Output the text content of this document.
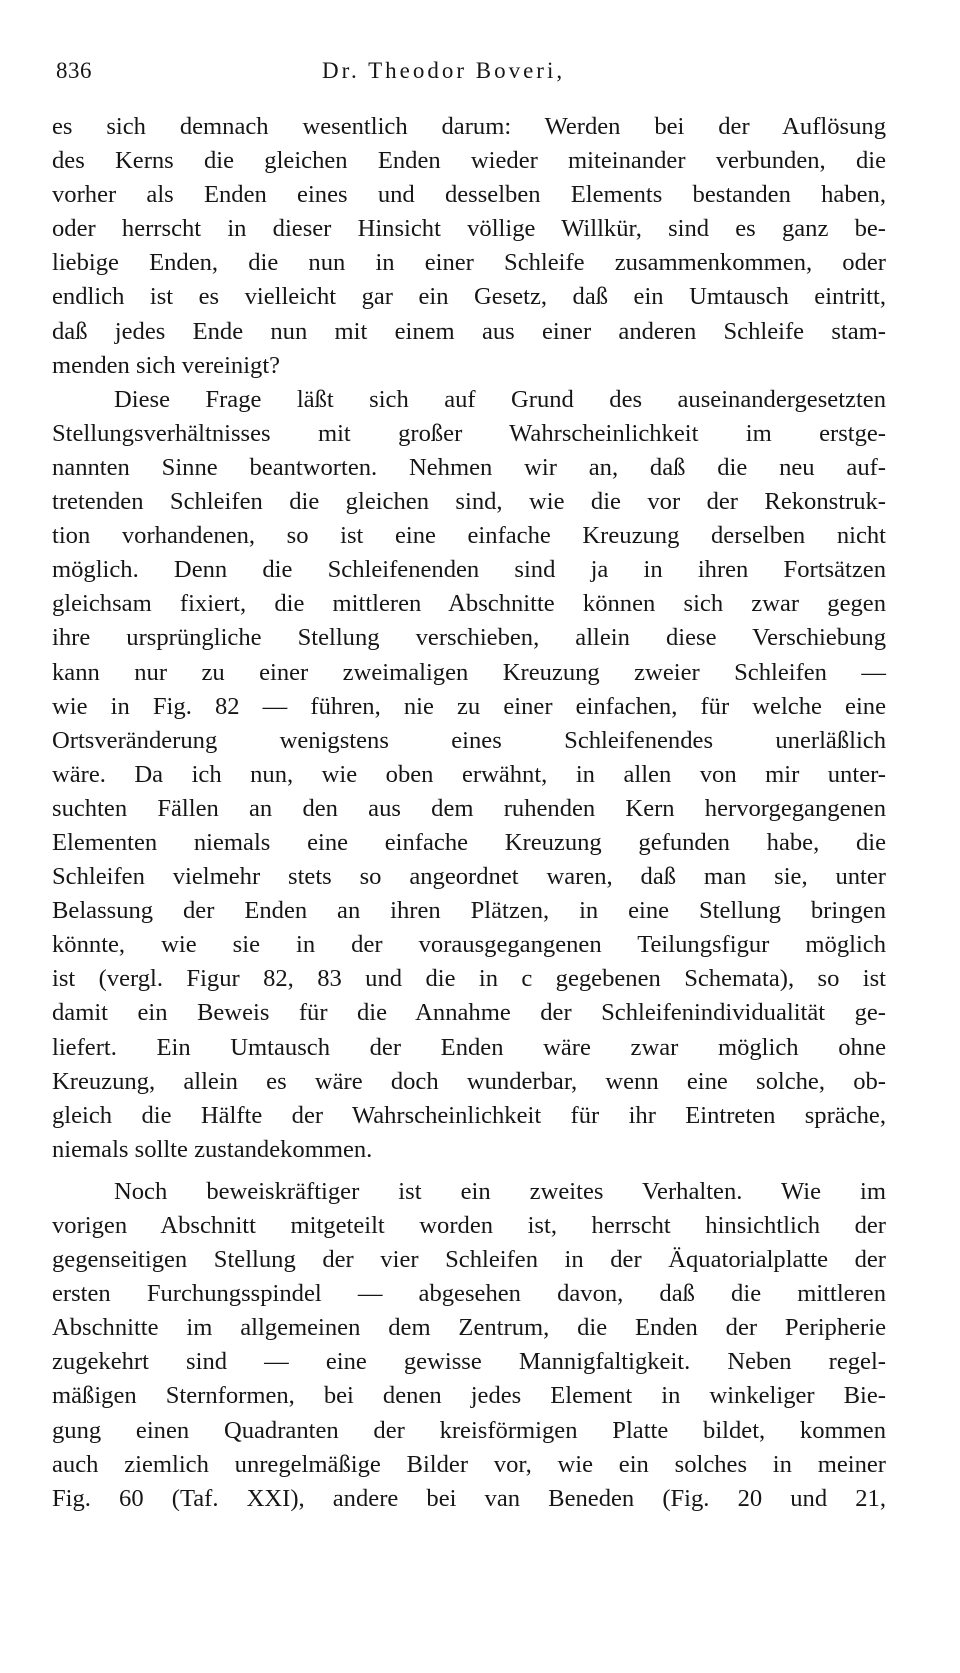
836	Dr. Theodor Boveri,
es sich demnach wesentlich darum: Werden bei der Auflösung
des Kerns die gleichen Enden wieder miteinander verbunden, die
vorher als Enden eines und desselben Elements bestanden haben,
oder herrscht in dieser Hinsicht völlige Willkür, sind es ganz be-
liebige Enden, die nun in einer Schleife zusammenkommen, oder
endlich ist es vielleicht gar ein Gesetz, daß ein Umtausch eintritt,
daß jedes Ende nun mit einem aus einer anderen Schleife stam-
menden sich vereinigt?
Diese Frage läßt sich auf Grund des auseinandergesetzten
Stellungsverhältnisses mit großer Wahrscheinlichkeit im erstge-
nannten Sinne beantworten. Nehmen wir an, daß die neu auf-
tretenden Schleifen die gleichen sind, wie die vor der Rekonstruk-
tion vorhandenen, so ist eine einfache Kreuzung derselben nicht
möglich. Denn die Schleifenenden sind ja in ihren Fortsätzen
gleichsam fixiert, die mittleren Abschnitte können sich zwar gegen
ihre ursprüngliche Stellung verschieben, allein diese Verschiebung
kann nur zu einer zweimaligen Kreuzung zweier Schleifen —
wie in Fig. 82 — führen, nie zu einer einfachen, für welche eine
Ortsveränderung wenigstens eines Schleifenendes unerläßlich
wäre. Da ich nun, wie oben erwähnt, in allen von mir unter-
suchten Fällen an den aus dem ruhenden Kern hervorgegangenen
Elementen niemals eine einfache Kreuzung gefunden habe, die
Schleifen vielmehr stets so angeordnet waren, daß man sie, unter
Belassung der Enden an ihren Plätzen, in eine Stellung bringen
könnte, wie sie in der vorausgegangenen Teilungsfigur möglich
ist (vergl. Figur 82, 83 und die in c gegebenen Schemata), so ist
damit ein Beweis für die Annahme der Schleifenindividualität ge-
liefert. Ein Umtausch der Enden wäre zwar möglich ohne
Kreuzung, allein es wäre doch wunderbar, wenn eine solche, ob-
gleich die Hälfte der Wahrscheinlichkeit für ihr Eintreten spräche,
niemals sollte zustandekommen.
Noch beweiskräftiger ist ein zweites Verhalten. Wie im
vorigen Abschnitt mitgeteilt worden ist, herrscht hinsichtlich der
gegenseitigen Stellung der vier Schleifen in der Äquatorialplatte der
ersten Furchungsspindel — abgesehen davon, daß die mittleren
Abschnitte im allgemeinen dem Zentrum, die Enden der Peripherie
zugekehrt sind — eine gewisse Mannigfaltigkeit. Neben regel-
mäßigen Sternformen, bei denen jedes Element in winkeliger Bie-
gung einen Quadranten der kreisförmigen Platte bildet, kommen
auch ziemlich unregelmäßige Bilder vor, wie ein solches in meiner
Fig. 60 (Taf. XXI), andere bei van Beneden (Fig. 20 und 21,
